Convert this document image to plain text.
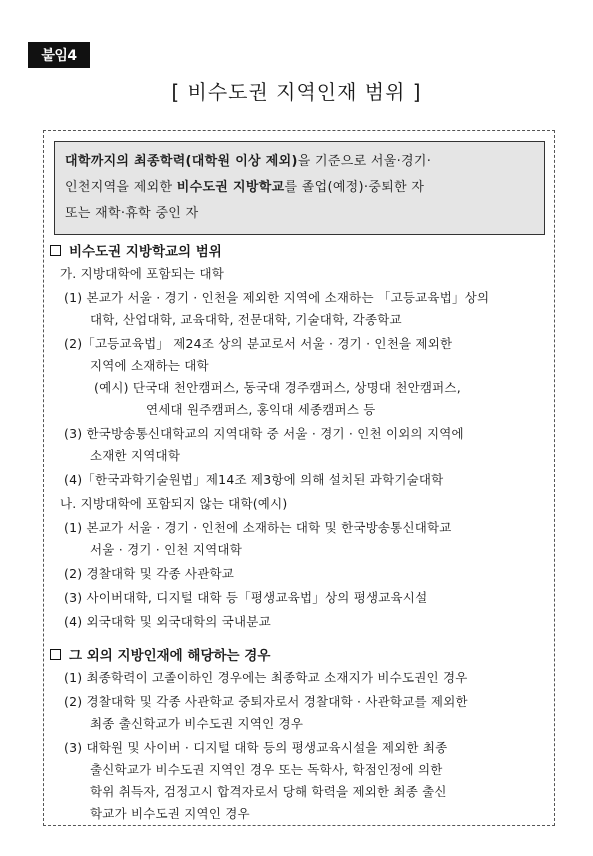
붙임4
[ 비수도권 지역인재 범위 ]
대학까지의 최종학력(대학원 이상 제외)을 기준으로 서울·경기·
인천지역을 제외한 비수도권 지방학교를 졸업(예정)·중퇴한 자
또는 재학·휴학 중인 자
비수도권 지방학교의 범위
가. 지방대학에 포함되는 대학
(1) 본교가 서울 · 경기 · 인천을 제외한 지역에 소재하는 「고등교육법」상의
대학, 산업대학, 교육대학, 전문대학, 기술대학, 각종학교
(2)「고등교육법」 제24조 상의 분교로서 서울 · 경기 · 인천을 제외한
지역에 소재하는 대학
(예시) 단국대 천안캠퍼스, 동국대 경주캠퍼스, 상명대 천안캠퍼스,
연세대 원주캠퍼스, 홍익대 세종캠퍼스 등
(3) 한국방송통신대학교의 지역대학 중 서울 · 경기 · 인천 이외의 지역에
소재한 지역대학
(4)「한국과학기술원법」제14조 제3항에 의해 설치된 과학기술대학
나. 지방대학에 포함되지 않는 대학(예시)
(1) 본교가 서울 · 경기 · 인천에 소재하는 대학 및 한국방송통신대학교
서울 · 경기 · 인천 지역대학
(2) 경찰대학 및 각종 사관학교
(3) 사이버대학, 디지털 대학 등「평생교육법」상의 평생교육시설
(4) 외국대학 및 외국대학의 국내분교
그 외의 지방인재에 해당하는 경우
(1) 최종학력이 고졸이하인 경우에는 최종학교 소재지가 비수도권인 경우
(2) 경찰대학 및 각종 사관학교 중퇴자로서 경찰대학 · 사관학교를 제외한
최종 출신학교가 비수도권 지역인 경우
(3) 대학원 및 사이버 · 디지털 대학 등의 평생교육시설을 제외한 최종
출신학교가 비수도권 지역인 경우 또는 독학사, 학점인정에 의한
학위 취득자, 검정고시 합격자로서 당해 학력을 제외한 최종 출신
학교가 비수도권 지역인 경우
